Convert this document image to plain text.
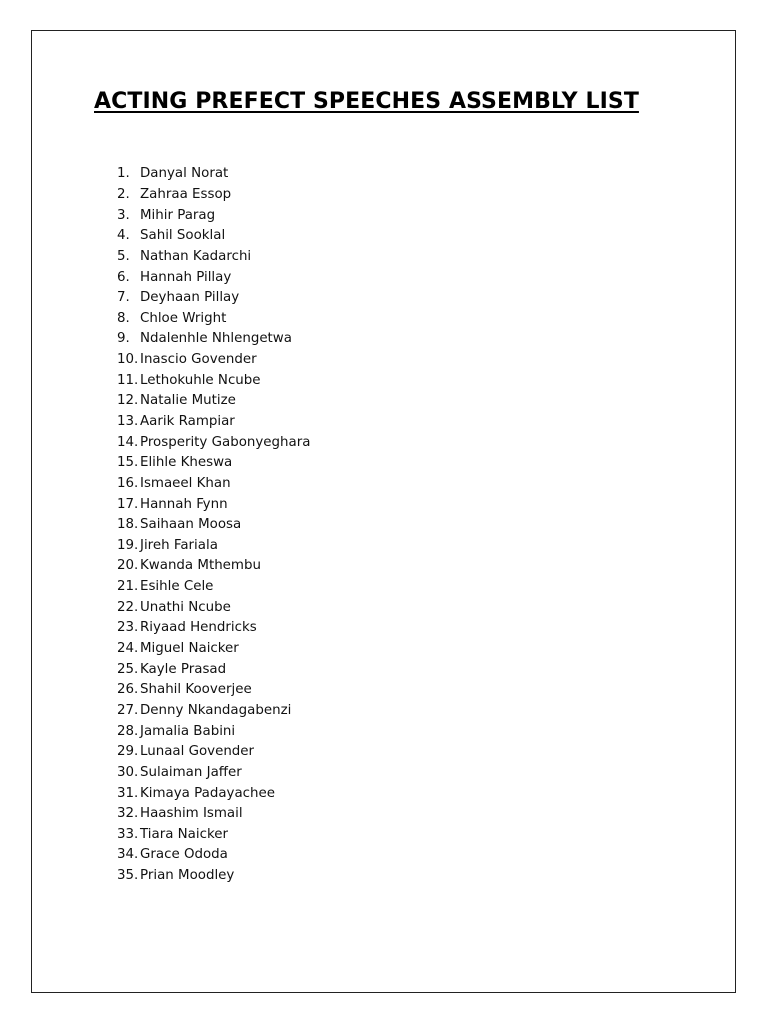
ACTING PREFECT SPEECHES ASSEMBLY LIST
1. Danyal Norat
2. Zahraa Essop
3. Mihir Parag
4. Sahil Sooklal
5. Nathan Kadarchi
6. Hannah Pillay
7. Deyhaan Pillay
8. Chloe Wright
9. Ndalenhle Nhlengetwa
10. Inascio Govender
11. Lethokuhle Ncube
12. Natalie Mutize
13. Aarik Rampiar
14. Prosperity Gabonyeghara
15. Elihle Kheswa
16. Ismaeel Khan
17. Hannah Fynn
18. Saihaan Moosa
19. Jireh Fariala
20. Kwanda Mthembu
21. Esihle Cele
22. Unathi Ncube
23. Riyaad Hendricks
24. Miguel Naicker
25. Kayle Prasad
26. Shahil Kooverjee
27. Denny Nkandagabenzi
28. Jamalia Babini
29. Lunaal Govender
30. Sulaiman Jaffer
31. Kimaya Padayachee
32. Haashim Ismail
33. Tiara Naicker
34. Grace Ododa
35. Prian Moodley
